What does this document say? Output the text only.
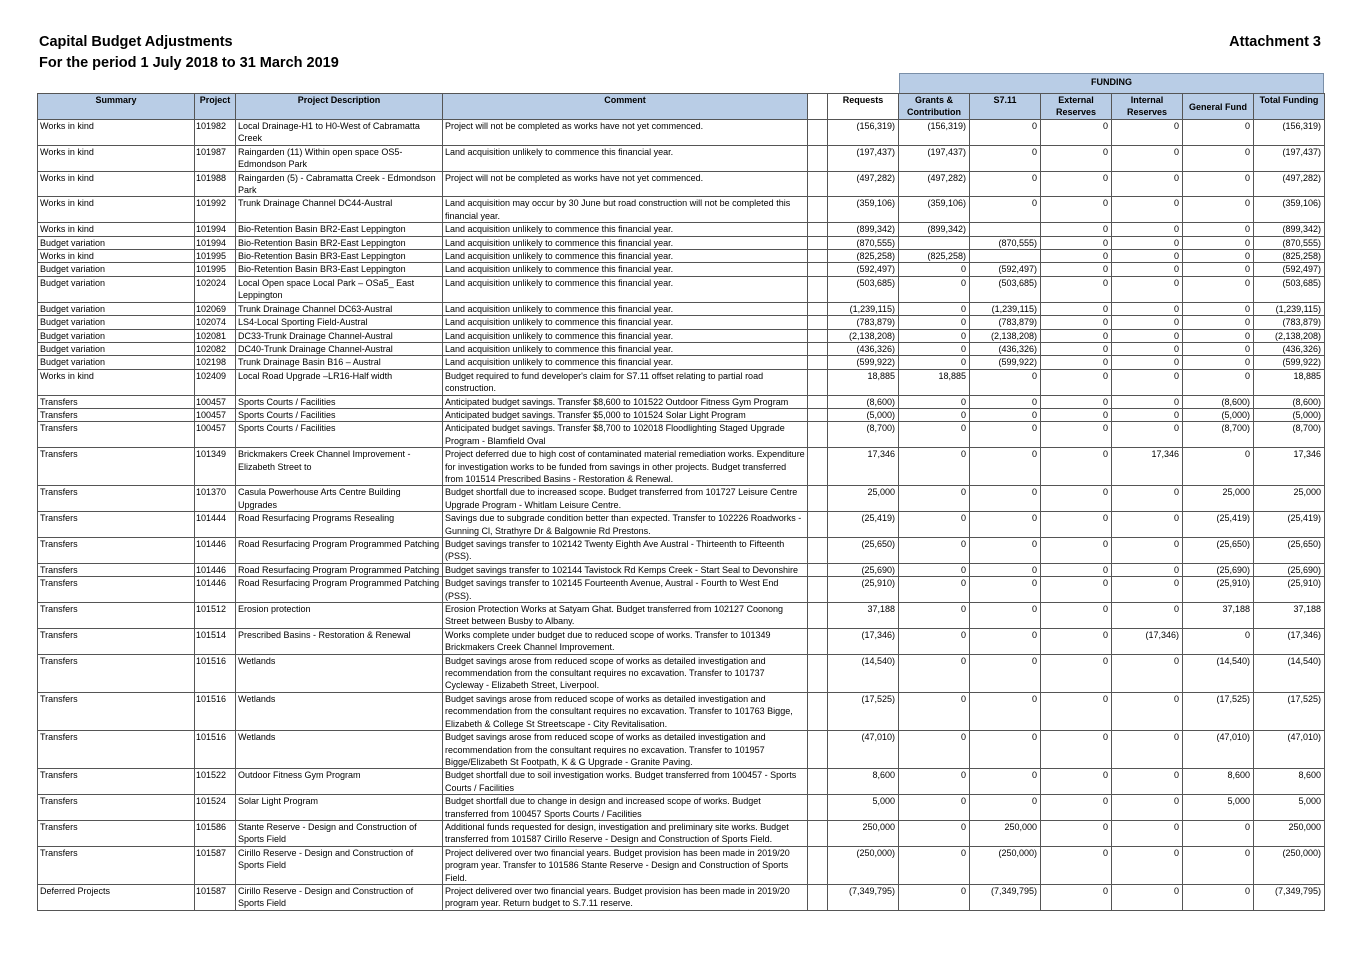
Capital Budget Adjustments
For the period 1 July 2018 to 31 March 2019
Attachment 3
FUNDING
Summary	Project	Project Description	Comment		Requests	Grants & Contribution	S7.11	External Reserves	Internal Reserves	General Fund	Total Funding
Works in kind	101982	Local Drainage-H1 to H0-West of Cabramatta Creek	Project will not be completed as works have not yet commenced.		(156,319)	(156,319)	0	0	0	0	(156,319)
Works in kind	101987	Raingarden (11) Within open space OS5-Edmondson Park	Land acquisition unlikely to commence this financial year.		(197,437)	(197,437)	0	0	0	0	(197,437)
Works in kind	101988	Raingarden (5) - Cabramatta Creek - Edmondson Park	Project will not be completed as works have not yet commenced.		(497,282)	(497,282)	0	0	0	0	(497,282)
Works in kind	101992	Trunk Drainage Channel DC44-Austral	Land acquisition may occur by 30 June but road construction will not be completed this financial year.		(359,106)	(359,106)	0	0	0	0	(359,106)
Works in kind	101994	Bio-Retention Basin BR2-East Leppington	Land acquisition unlikely to commence this financial year.		(899,342)	(899,342)		0	0	0	(899,342)
Budget variation	101994	Bio-Retention Basin BR2-East Leppington	Land acquisition unlikely to commence this financial year.		(870,555)		(870,555)	0	0	0	(870,555)
Works in kind	101995	Bio-Retention Basin BR3-East Leppington	Land acquisition unlikely to commence this financial year.		(825,258)	(825,258)		0	0	0	(825,258)
Budget variation	101995	Bio-Retention Basin BR3-East Leppington	Land acquisition unlikely to commence this financial year.		(592,497)	0	(592,497)	0	0	0	(592,497)
Budget variation	102024	Local Open space Local Park – OSa5_ East Leppington	Land acquisition unlikely to commence this financial year.		(503,685)	0	(503,685)	0	0	0	(503,685)
Budget variation	102069	Trunk Drainage Channel DC63-Austral	Land acquisition unlikely to commence this financial year.		(1,239,115)	0	(1,239,115)	0	0	0	(1,239,115)
Budget variation	102074	LS4-Local Sporting Field-Austral	Land acquisition unlikely to commence this financial year.		(783,879)	0	(783,879)	0	0	0	(783,879)
Budget variation	102081	DC33-Trunk Drainage Channel-Austral	Land acquisition unlikely to commence this financial year.		(2,138,208)	0	(2,138,208)	0	0	0	(2,138,208)
Budget variation	102082	DC40-Trunk Drainage Channel-Austral	Land acquisition unlikely to commence this financial year.		(436,326)	0	(436,326)	0	0	0	(436,326)
Budget variation	102198	Trunk Drainage Basin B16 – Austral	Land acquisition unlikely to commence this financial year.		(599,922)	0	(599,922)	0	0	0	(599,922)
Works in kind	102409	Local Road Upgrade –LR16-Half width	Budget required to fund developer's claim for S7.11 offset relating to partial road construction.		18,885	18,885	0	0	0	0	18,885
Transfers	100457	Sports Courts / Facilities	Anticipated budget savings. Transfer $8,600 to 101522 Outdoor Fitness Gym Program		(8,600)	0	0	0	0	(8,600)	(8,600)
Transfers	100457	Sports Courts / Facilities	Anticipated budget savings. Transfer $5,000 to 101524 Solar Light Program		(5,000)	0	0	0	0	(5,000)	(5,000)
Transfers	100457	Sports Courts / Facilities	Anticipated budget savings. Transfer $8,700 to 102018 Floodlighting Staged Upgrade Program - Blamfield Oval		(8,700)	0	0	0	0	(8,700)	(8,700)
Transfers	101349	Brickmakers Creek Channel Improvement - Elizabeth Street to	Project deferred due to high cost of contaminated material remediation works. Expenditure for investigation works to be funded from savings in other projects. Budget transferred from 101514 Prescribed Basins - Restoration & Renewal.		17,346	0	0	0	17,346	0	17,346
Transfers	101370	Casula Powerhouse Arts Centre Building Upgrades	Budget shortfall due to increased scope. Budget transferred from 101727 Leisure Centre Upgrade Program - Whitlam Leisure Centre.		25,000	0	0	0	0	25,000	25,000
Transfers	101444	Road Resurfacing Programs Resealing	Savings due to subgrade condition better than expected. Transfer to 102226 Roadworks - Gunning Cl, Strathyre Dr & Balgownie Rd Prestons.		(25,419)	0	0	0	0	(25,419)	(25,419)
Transfers	101446	Road Resurfacing Program Programmed Patching	Budget savings transfer to 102142 Twenty Eighth Ave Austral - Thirteenth to Fifteenth (PSS).		(25,650)	0	0	0	0	(25,650)	(25,650)
Transfers	101446	Road Resurfacing Program Programmed Patching	Budget savings transfer to 102144 Tavistock Rd Kemps Creek - Start Seal to Devonshire		(25,690)	0	0	0	0	(25,690)	(25,690)
Transfers	101446	Road Resurfacing Program Programmed Patching	Budget savings transfer to 102145 Fourteenth Avenue, Austral - Fourth to West End (PSS).		(25,910)	0	0	0	0	(25,910)	(25,910)
Transfers	101512	Erosion protection	Erosion Protection Works at Satyam Ghat. Budget transferred from 102127 Coonong Street between Busby to Albany.		37,188	0	0	0	0	37,188	37,188
Transfers	101514	Prescribed Basins - Restoration & Renewal	Works complete under budget due to reduced scope of works. Transfer to 101349 Brickmakers Creek Channel Improvement.		(17,346)	0	0	0	(17,346)	0	(17,346)
Transfers	101516	Wetlands	Budget savings arose from reduced scope of works as detailed investigation and recommendation from the consultant requires no excavation. Transfer to 101737 Cycleway - Elizabeth Street, Liverpool.		(14,540)	0	0	0	0	(14,540)	(14,540)
Transfers	101516	Wetlands	Budget savings arose from reduced scope of works as detailed investigation and recommendation from the consultant requires no excavation. Transfer to 101763 Bigge, Elizabeth & College St Streetscape - City Revitalisation.		(17,525)	0	0	0	0	(17,525)	(17,525)
Transfers	101516	Wetlands	Budget savings arose from reduced scope of works as detailed investigation and recommendation from the consultant requires no excavation. Transfer to 101957 Bigge/Elizabeth St Footpath, K & G Upgrade - Granite Paving.		(47,010)	0	0	0	0	(47,010)	(47,010)
Transfers	101522	Outdoor Fitness Gym Program	Budget shortfall due to soil investigation works. Budget transferred from 100457 - Sports Courts / Facilities		8,600	0	0	0	0	8,600	8,600
Transfers	101524	Solar Light Program	Budget shortfall due to change in design and increased scope of works. Budget transferred from 100457 Sports Courts / Facilities		5,000	0	0	0	0	5,000	5,000
Transfers	101586	Stante Reserve - Design and Construction of Sports Field	Additional funds requested for design, investigation and preliminary site works. Budget transferred from 101587 Cirillo Reserve - Design and Construction of Sports Field.		250,000	0	250,000	0	0	0	250,000
Transfers	101587	Cirillo Reserve - Design and Construction of Sports Field	Project delivered over two financial years. Budget provision has been made in 2019/20 program year. Transfer to 101586 Stante Reserve - Design and Construction of Sports Field.		(250,000)	0	(250,000)	0	0	0	(250,000)
Deferred Projects	101587	Cirillo Reserve - Design and Construction of Sports Field	Project delivered over two financial years. Budget provision has been made in 2019/20 program year. Return budget to S.7.11 reserve.		(7,349,795)	0	(7,349,795)	0	0	0	(7,349,795)
